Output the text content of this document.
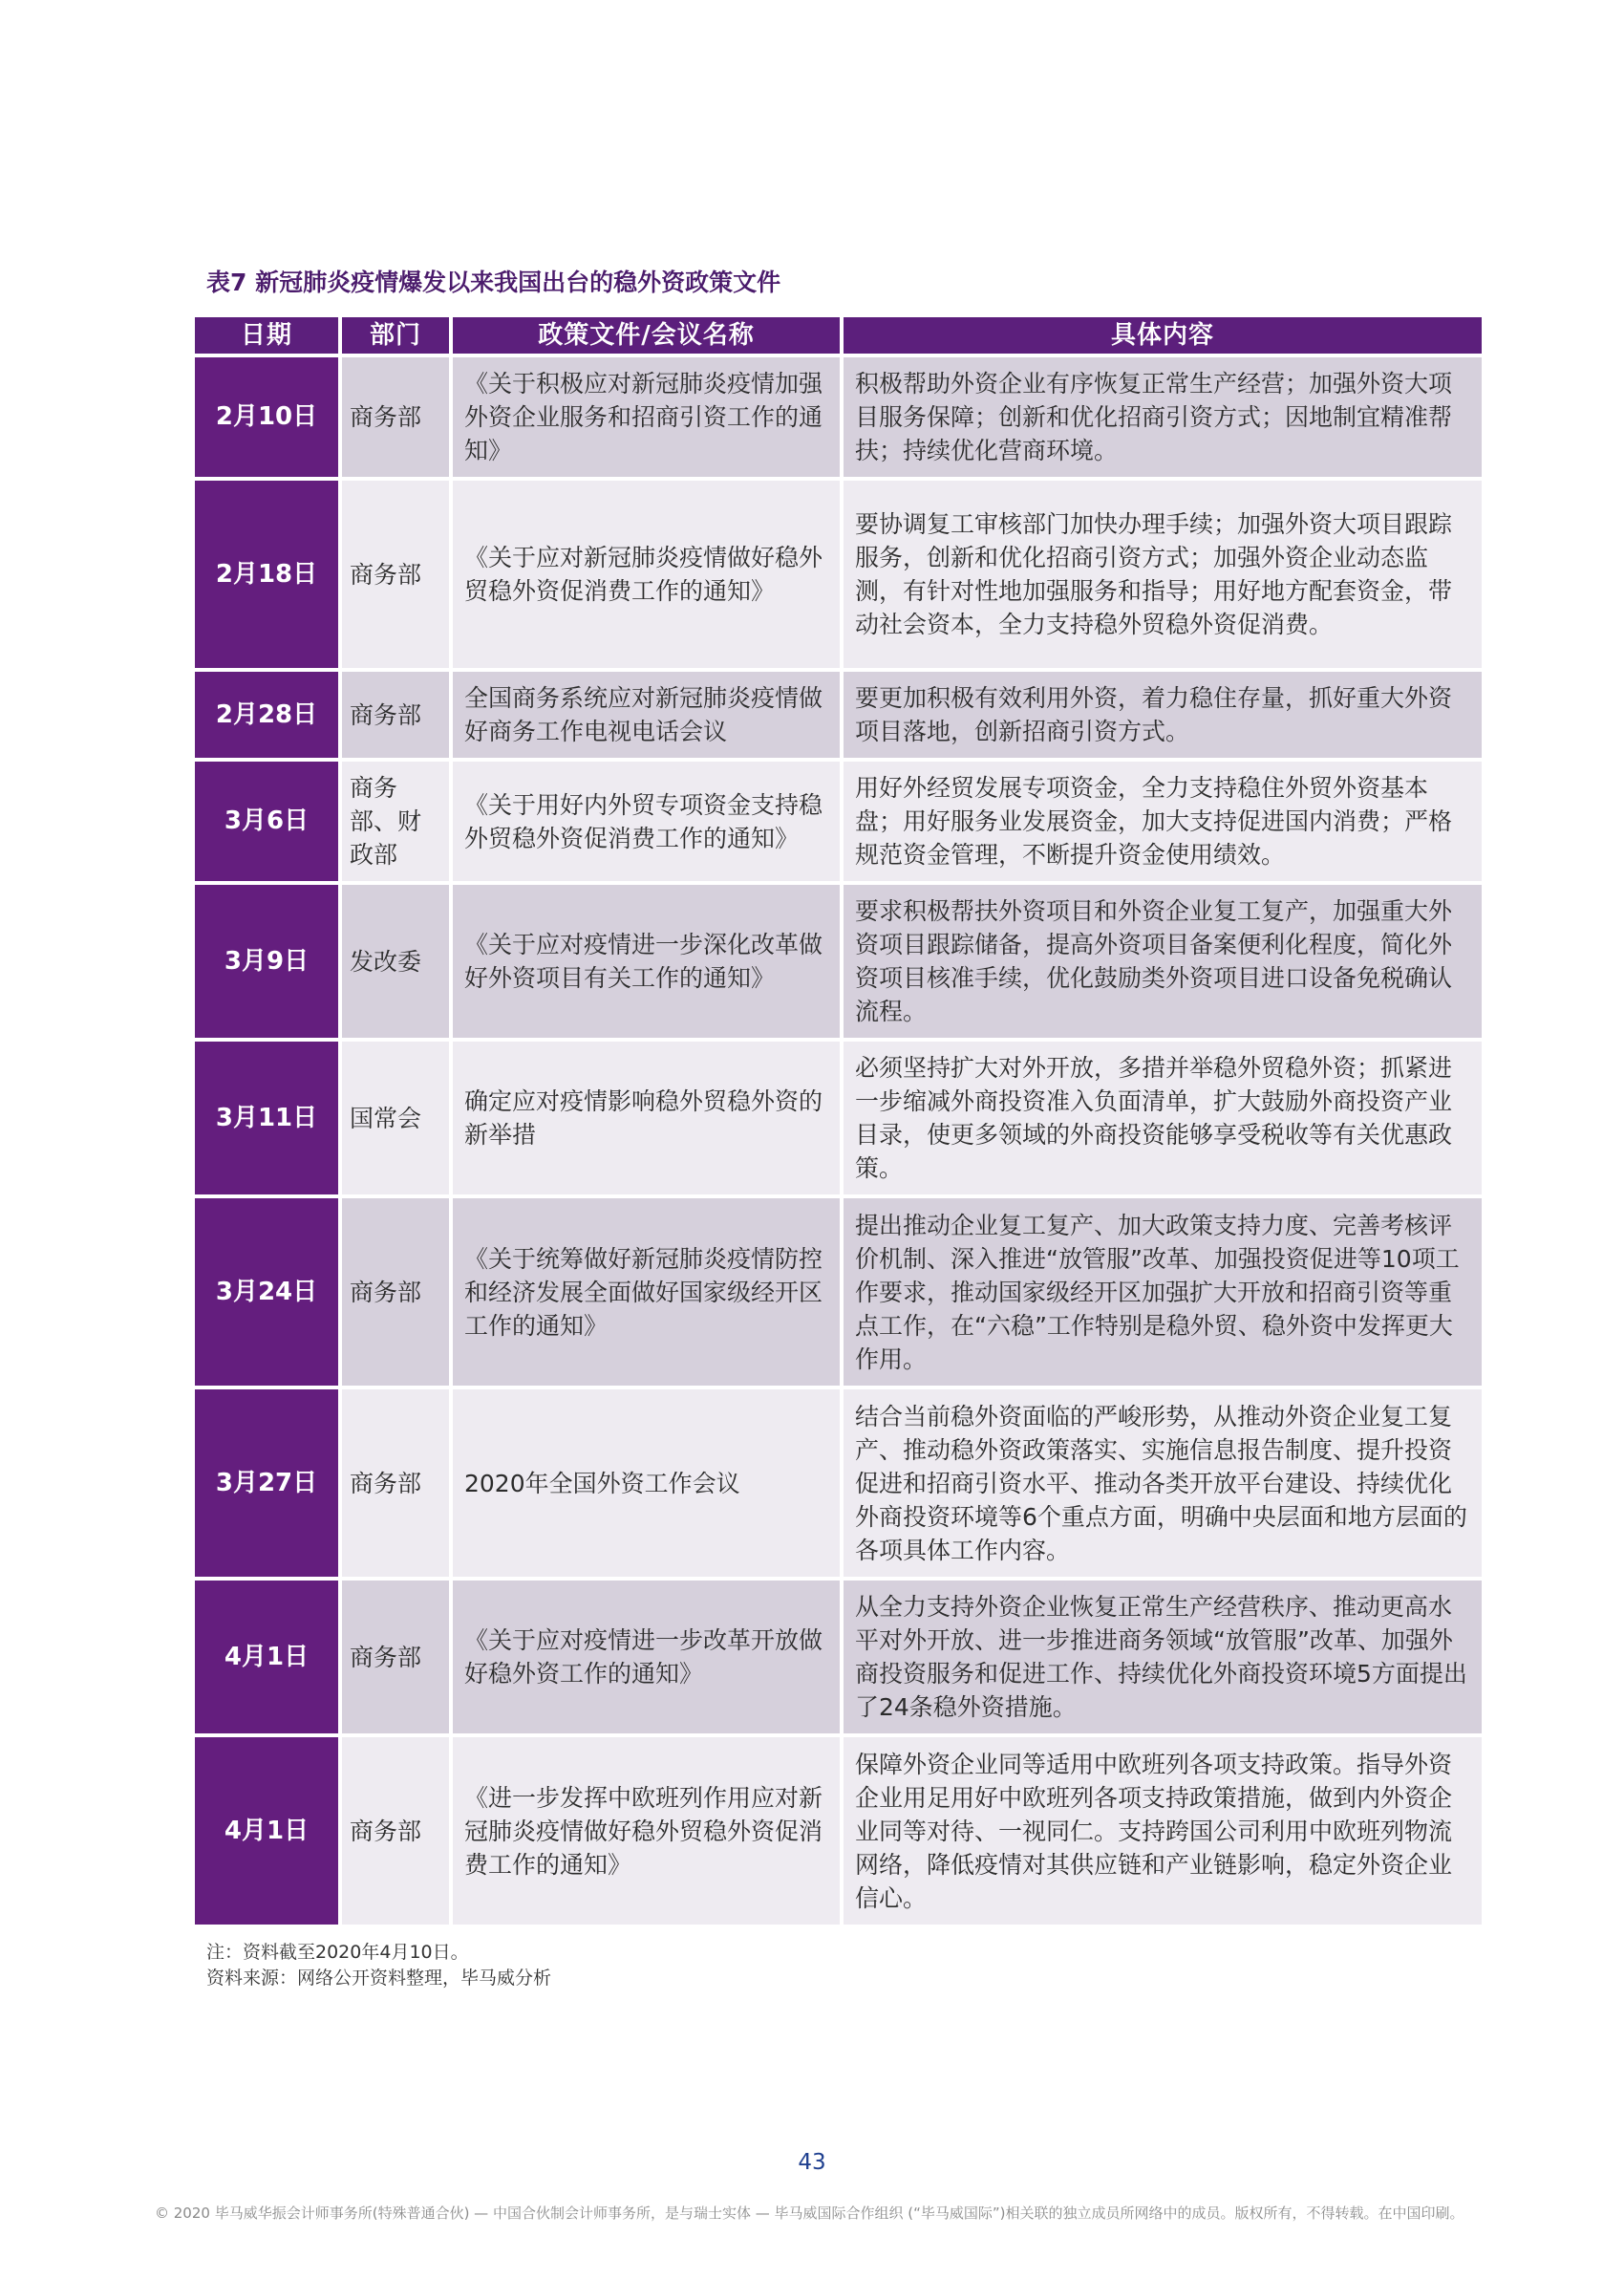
表7 新冠肺炎疫情爆发以来我国出台的稳外资政策文件
日期	部门	政策文件/会议名称	具体内容
2月10日	商务部	《关于积极应对新冠肺炎疫情加强外资企业服务和招商引资工作的通知》	积极帮助外资企业有序恢复正常生产经营；加强外资大项目服务保障；创新和优化招商引资方式；因地制宜精准帮扶；持续优化营商环境。
2月18日	商务部	《关于应对新冠肺炎疫情做好稳外贸稳外资促消费工作的通知》	要协调复工审核部门加快办理手续；加强外资大项目跟踪服务，创新和优化招商引资方式；加强外资企业动态监测，有针对性地加强服务和指导；用好地方配套资金，带动社会资本，全力支持稳外贸稳外资促消费。
2月28日	商务部	全国商务系统应对新冠肺炎疫情做好商务工作电视电话会议	要更加积极有效利用外资，着力稳住存量，抓好重大外资项目落地，创新招商引资方式。
3月6日	商务部、财政部	《关于用好内外贸专项资金支持稳外贸稳外资促消费工作的通知》	用好外经贸发展专项资金，全力支持稳住外贸外资基本盘；用好服务业发展资金，加大支持促进国内消费；严格规范资金管理，不断提升资金使用绩效。
3月9日	发改委	《关于应对疫情进一步深化改革做好外资项目有关工作的通知》	要求积极帮扶外资项目和外资企业复工复产，加强重大外资项目跟踪储备，提高外资项目备案便利化程度，简化外资项目核准手续，优化鼓励类外资项目进口设备免税确认流程。
3月11日	国常会	确定应对疫情影响稳外贸稳外资的新举措	必须坚持扩大对外开放，多措并举稳外贸稳外资；抓紧进一步缩减外商投资准入负面清单，扩大鼓励外商投资产业目录，使更多领域的外商投资能够享受税收等有关优惠政策。
3月24日	商务部	《关于统筹做好新冠肺炎疫情防控和经济发展全面做好国家级经开区工作的通知》	提出推动企业复工复产、加大政策支持力度、完善考核评价机制、深入推进“放管服”改革、加强投资促进等10项工作要求，推动国家级经开区加强扩大开放和招商引资等重点工作，在“六稳”工作特别是稳外贸、稳外资中发挥更大作用。
3月27日	商务部	2020年全国外资工作会议	结合当前稳外资面临的严峻形势，从推动外资企业复工复产、推动稳外资政策落实、实施信息报告制度、提升投资促进和招商引资水平、推动各类开放平台建设、持续优化外商投资环境等6个重点方面，明确中央层面和地方层面的各项具体工作内容。
4月1日	商务部	《关于应对疫情进一步改革开放做好稳外资工作的通知》	从全力支持外资企业恢复正常生产经营秩序、推动更高水平对外开放、进一步推进商务领域“放管服”改革、加强外商投资服务和促进工作、持续优化外商投资环境5方面提出了24条稳外资措施。
4月1日	商务部	《进一步发挥中欧班列作用应对新冠肺炎疫情做好稳外贸稳外资促消费工作的通知》	保障外资企业同等适用中欧班列各项支持政策。指导外资企业用足用好中欧班列各项支持政策措施，做到内外资企业同等对待、一视同仁。支持跨国公司利用中欧班列物流网络，降低疫情对其供应链和产业链影响，稳定外资企业信心。
注：资料截至2020年4月10日。
资料来源：网络公开资料整理，毕马威分析
43
© 2020 毕马威华振会计师事务所(特殊普通合伙) — 中国合伙制会计师事务所，是与瑞士实体 — 毕马威国际合作组织 (“毕马威国际”)相关联的独立成员所网络中的成员。版权所有，不得转载。在中国印刷。
